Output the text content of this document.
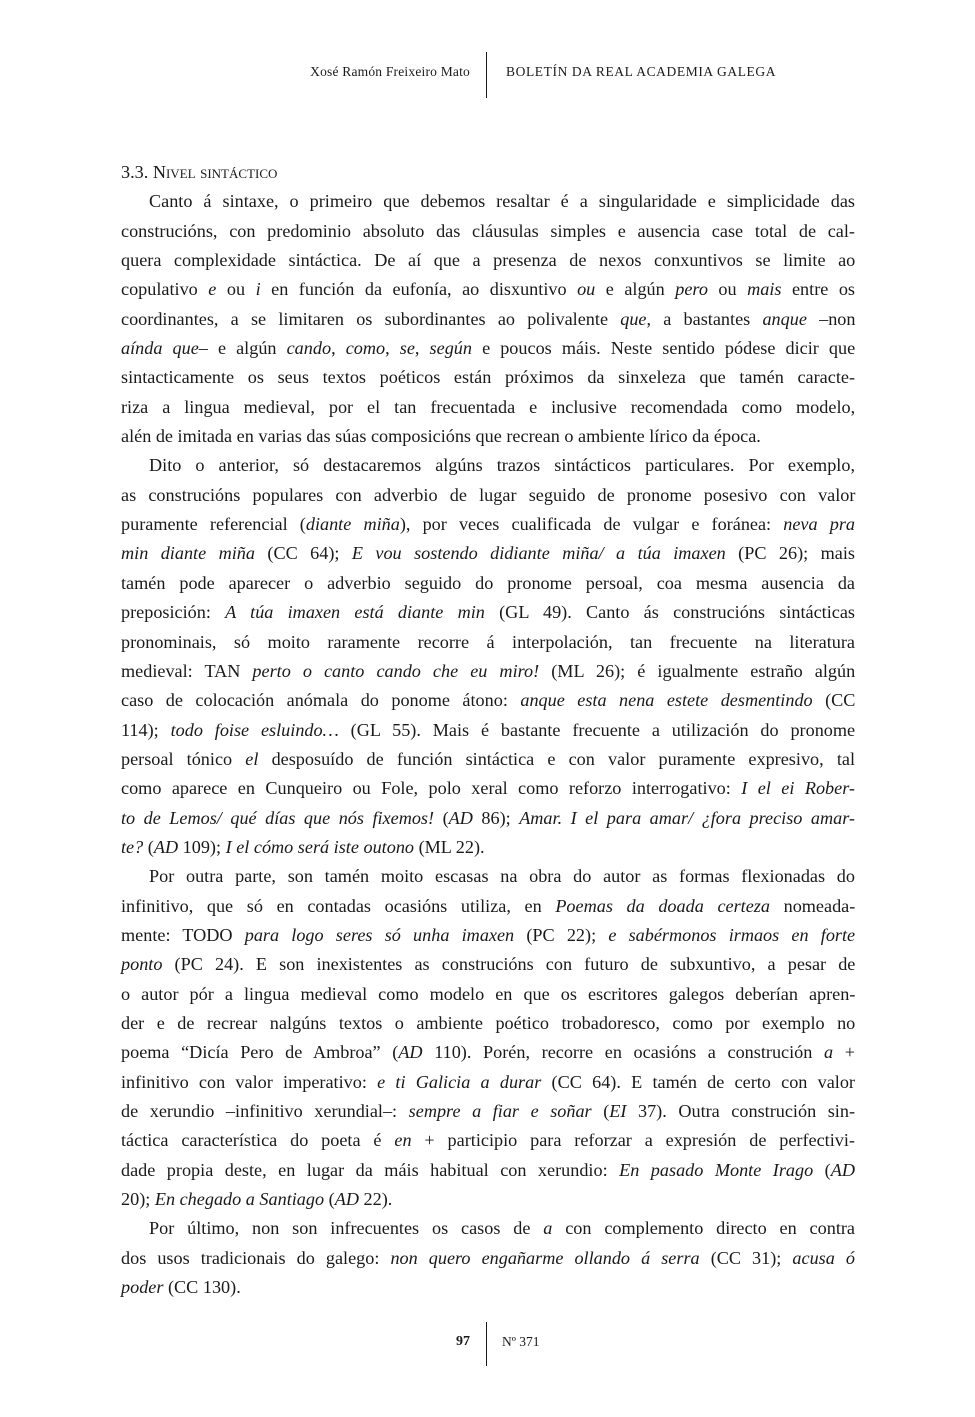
Xosé Ramón Freixeiro Mato	BOLETÍN DA REAL ACADEMIA GALEGA
3.3. Nivel sintáctico
Canto á sintaxe, o primeiro que debemos resaltar é a singularidade e simplicidade das
construcións, con predominio absoluto das cláusulas simples e ausencia case total de cal-
quera complexidade sintáctica. De aí que a presenza de nexos conxuntivos se limite ao
copulativo e ou i en función da eufonía, ao disxuntivo ou e algún pero ou mais entre os
coordinantes, a se limitaren os subordinantes ao polivalente que, a bastantes anque –non
aínda que– e algún cando, como, se, según e poucos máis. Neste sentido pódese dicir que
sintacticamente os seus textos poéticos están próximos da sinxeleza que tamén caracte-
riza a lingua medieval, por el tan frecuentada e inclusive recomendada como modelo,
alén de imitada en varias das súas composicións que recrean o ambiente lírico da época.
Dito o anterior, só destacaremos algúns trazos sintácticos particulares. Por exemplo,
as construcións populares con adverbio de lugar seguido de pronome posesivo con valor
puramente referencial (diante miña), por veces cualificada de vulgar e foránea: neva pra
min diante miña (CC 64); E vou sostendo didiante miña/ a túa imaxen (PC 26); mais
tamén pode aparecer o adverbio seguido do pronome persoal, coa mesma ausencia da
preposición: A túa imaxen está diante min (GL 49). Canto ás construcións sintácticas
pronominais, só moito raramente recorre á interpolación, tan frecuente na literatura
medieval: TAN perto o canto cando che eu miro! (ML 26); é igualmente estraño algún
caso de colocación anómala do ponome átono: anque esta nena estete desmentindo (CC
114); todo foise esluindo… (GL 55). Mais é bastante frecuente a utilización do pronome
persoal tónico el desposuído de función sintáctica e con valor puramente expresivo, tal
como aparece en Cunqueiro ou Fole, polo xeral como reforzo interrogativo: I el ei Rober-
to de Lemos/ qué días que nós fixemos! (AD 86); Amar. I el para amar/ ¿fora preciso amar-
te? (AD 109); I el cómo será iste outono (ML 22).
Por outra parte, son tamén moito escasas na obra do autor as formas flexionadas do
infinitivo, que só en contadas ocasións utiliza, en Poemas da doada certeza nomeada-
mente: TODO para logo seres só unha imaxen (PC 22); e sabérmonos irmaos en forte
ponto (PC 24). E son inexistentes as construcións con futuro de subxuntivo, a pesar de
o autor pór a lingua medieval como modelo en que os escritores galegos deberían apren-
der e de recrear nalgúns textos o ambiente poético trobadoresco, como por exemplo no
poema “Dicía Pero de Ambroa” (AD 110). Porén, recorre en ocasións a construción a +
infinitivo con valor imperativo: e ti Galicia a durar (CC 64). E tamén de certo con valor
de xerundio –infinitivo xerundial–: sempre a fiar e soñar (EI 37). Outra construción sin-
táctica característica do poeta é en + participio para reforzar a expresión de perfectivi-
dade propia deste, en lugar da máis habitual con xerundio: En pasado Monte Irago (AD
20); En chegado a Santiago (AD 22).
Por último, non son infrecuentes os casos de a con complemento directo en contra
dos usos tradicionais do galego: non quero engañarme ollando á serra (CC 31); acusa ó
poder (CC 130).
97 Nº 371
